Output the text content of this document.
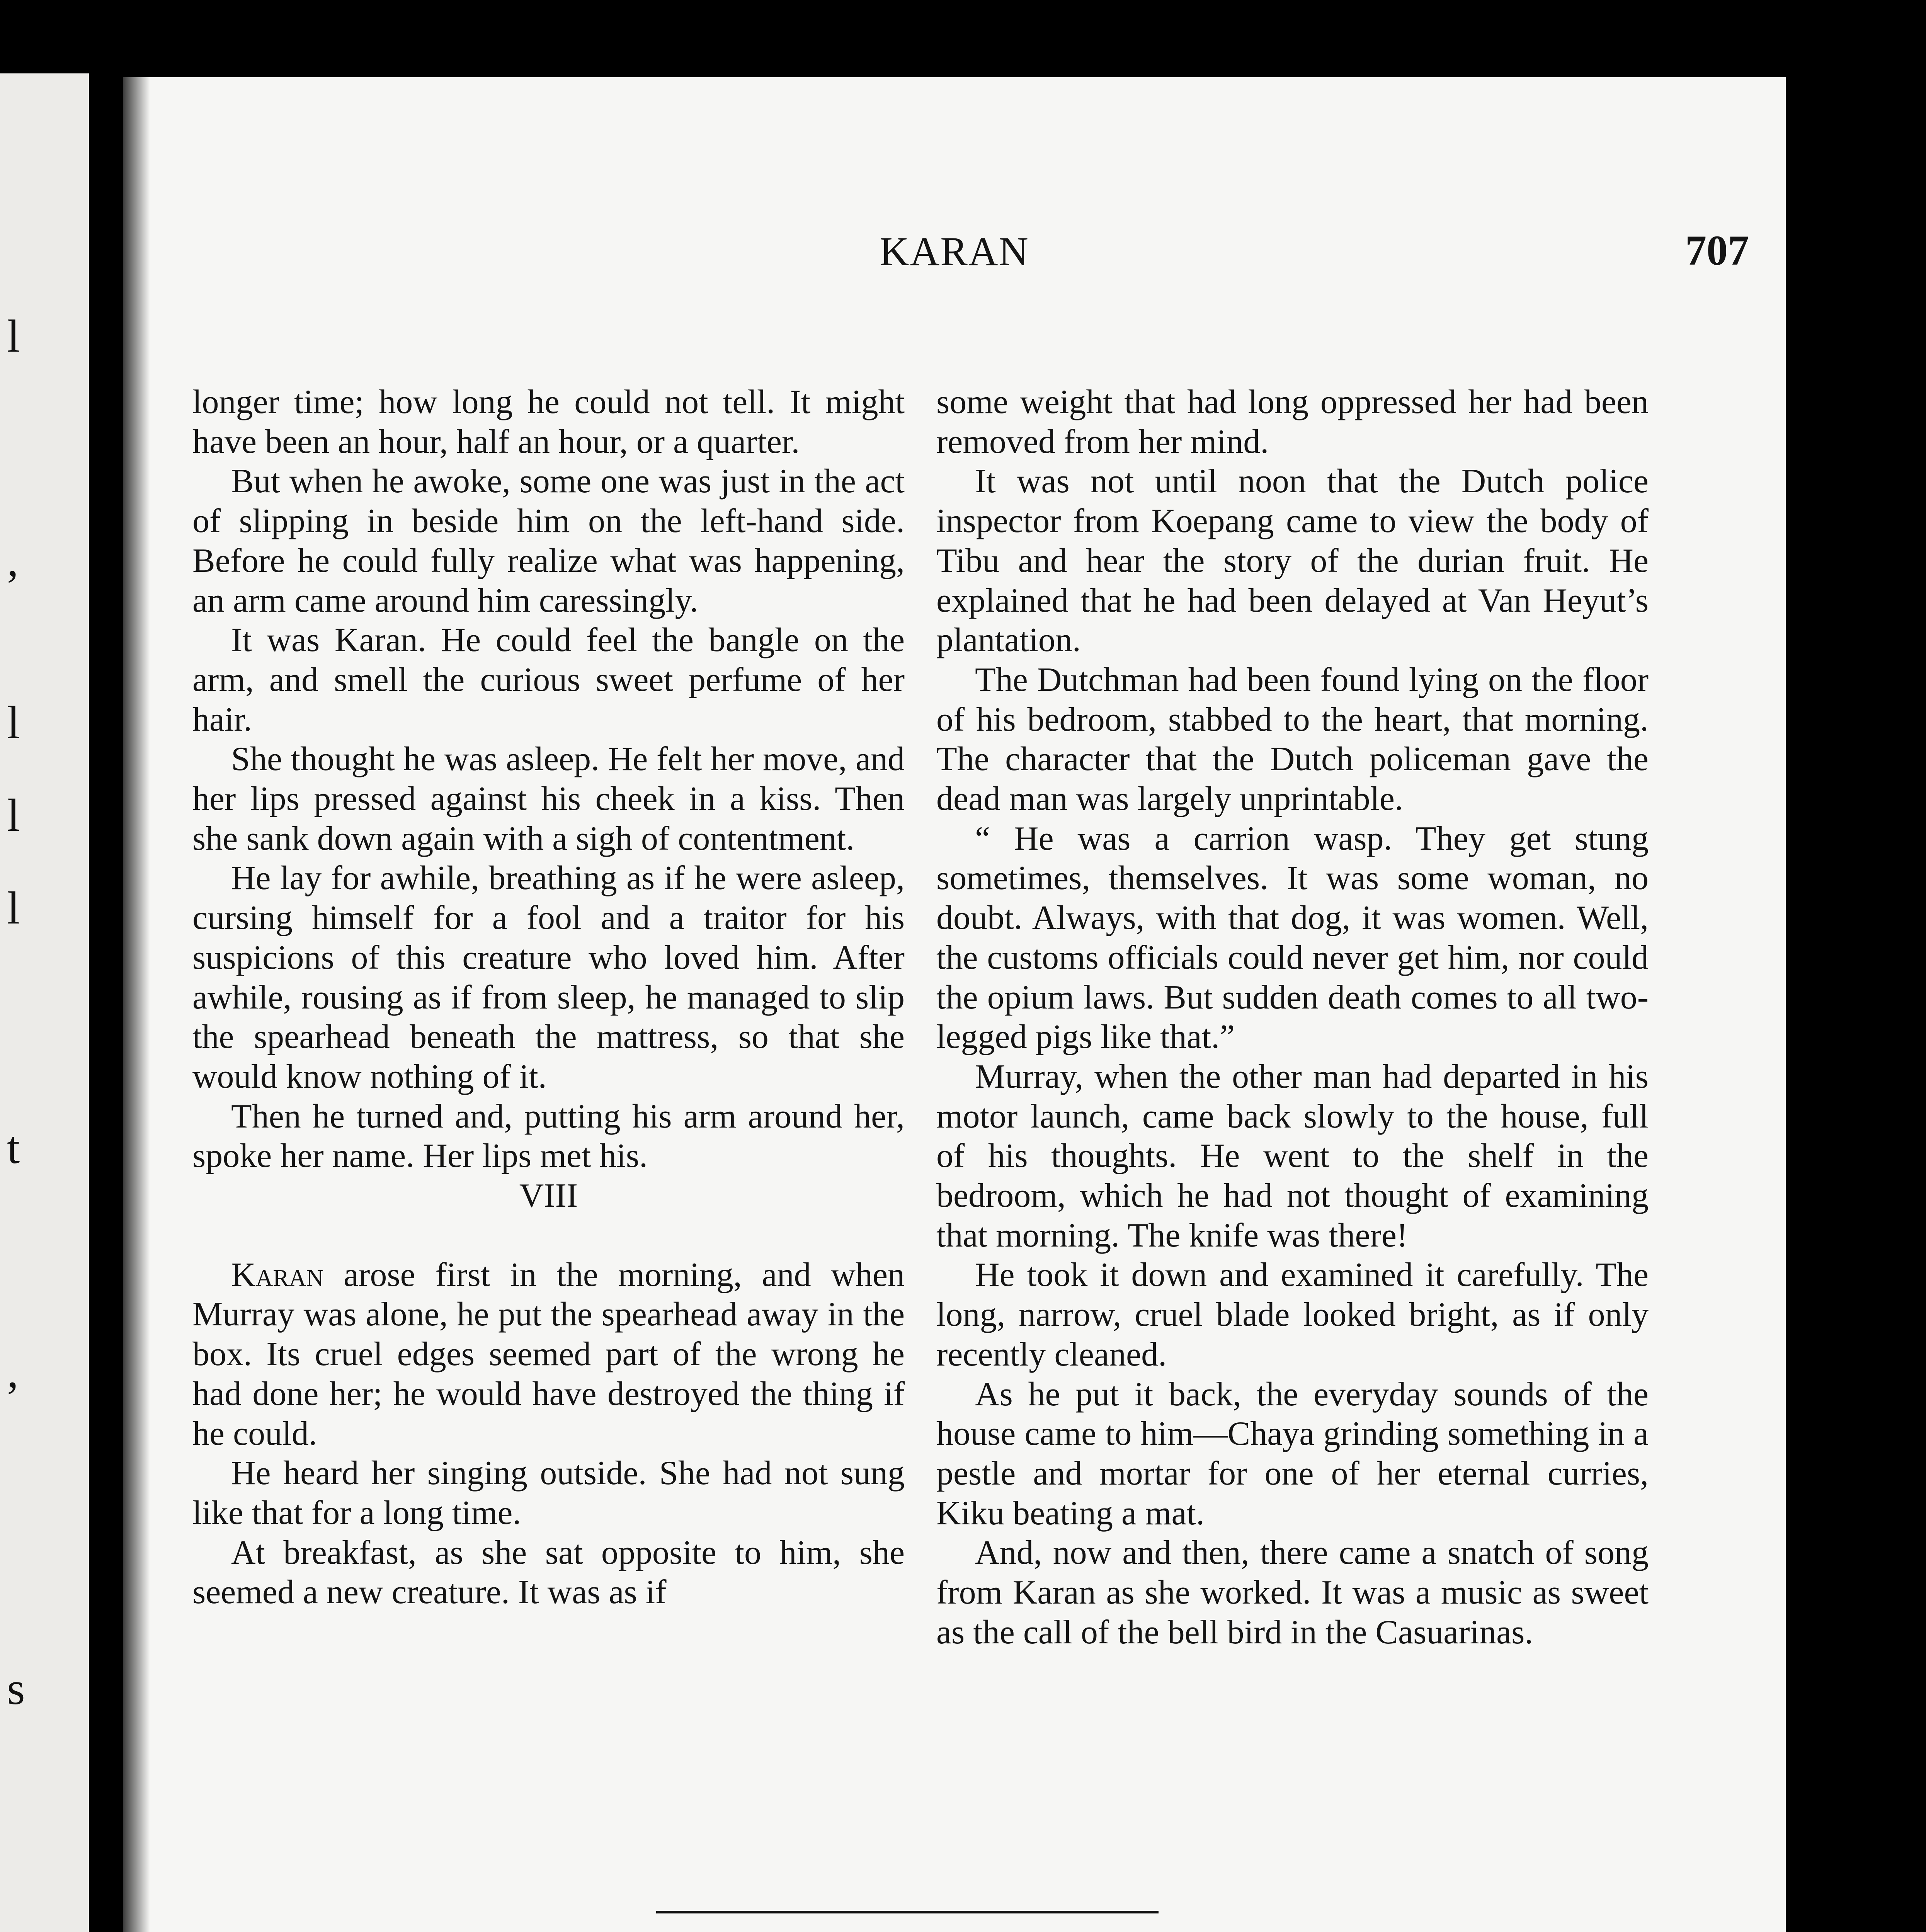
l
,
l
l
l
t
,
s
KARAN	707

longer time; how long he could not tell. It might have been an hour, half an hour, or a quarter.

But when he awoke, some one was just in the act of slipping in beside him on the left-hand side. Before he could fully realize what was happening, an arm came around him caressingly.

It was Karan. He could feel the bangle on the arm, and smell the curious sweet perfume of her hair.

She thought he was asleep. He felt her move, and her lips pressed against his cheek in a kiss. Then she sank down again with a sigh of contentment.

He lay for awhile, breathing as if he were asleep, cursing himself for a fool and a traitor for his suspicions of this creature who loved him. After awhile, rousing as if from sleep, he managed to slip the spearhead beneath the mattress, so that she would know nothing of it.

Then he turned and, putting his arm around her, spoke her name. Her lips met his.

VIII

Karan arose first in the morning, and when Murray was alone, he put the spearhead away in the box. Its cruel edges seemed part of the wrong he had done her; he would have destroyed the thing if he could.

He heard her singing outside. She had not sung like that for a long time.

At breakfast, as she sat opposite to him, she seemed a new creature. It was as if

some weight that had long oppressed her had been removed from her mind.

It was not until noon that the Dutch police inspector from Koepang came to view the body of Tibu and hear the story of the durian fruit. He explained that he had been delayed at Van Heyut’s plantation.

The Dutchman had been found lying on the floor of his bedroom, stabbed to the heart, that morning. The character that the Dutch policeman gave the dead man was largely unprintable.

“ He was a carrion wasp. They get stung sometimes, themselves. It was some woman, no doubt. Always, with that dog, it was women. Well, the customs officials could never get him, nor could the opium laws. But sudden death comes to all two-legged pigs like that.”

Murray, when the other man had departed in his motor launch, came back slowly to the house, full of his thoughts. He went to the shelf in the bedroom, which he had not thought of examining that morning. The knife was there!

He took it down and examined it carefully. The long, narrow, cruel blade looked bright, as if only recently cleaned.

As he put it back, the everyday sounds of the house came to him—Chaya grinding something in a pestle and mortar for one of her eternal curries, Kiku beating a mat.

And, now and then, there came a snatch of song from Karan as she worked. It was a music as sweet as the call of the bell bird in the Casuarinas.
